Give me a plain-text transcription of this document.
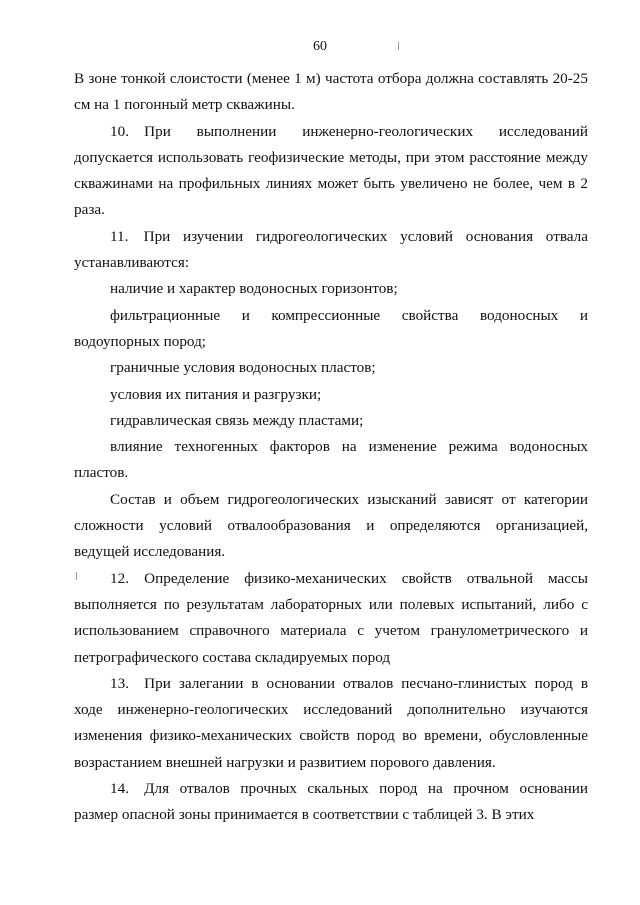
60

В зоне тонкой слоистости (менее 1 м) частота отбора должна составлять 20-25 см на 1 погонный метр скважины.

10. При выполнении инженерно-геологических исследований допускается использовать геофизические методы, при этом расстояние между скважинами на профильных линиях может быть увеличено не более, чем в 2 раза.

11. При изучении гидрогеологических условий основания отвала устанавливаются:

наличие и характер водоносных горизонтов;

фильтрационные и компрессионные свойства водоносных и водоупорных пород;

граничные условия водоносных пластов;

условия их питания и разгрузки;

гидравлическая связь между пластами;

влияние техногенных факторов на изменение режима водоносных пластов.

Состав и объем гидрогеологических изысканий зависят от категории сложности условий отвалообразования и определяются организацией, ведущей исследования.

12. Определение физико-механических свойств отвальной массы выполняется по результатам лабораторных или полевых испытаний, либо с использованием справочного материала с учетом гранулометрического и петрографического состава складируемых пород

13. При залегании в основании отвалов песчано-глинистых пород в ходе инженерно-геологических исследований дополнительно изучаются изменения физико-механических свойств пород во времени, обусловленные возрастанием внешней нагрузки и развитием порового давления.

14. Для отвалов прочных скальных пород на прочном основании размер опасной зоны принимается в соответствии с таблицей 3. В этих
